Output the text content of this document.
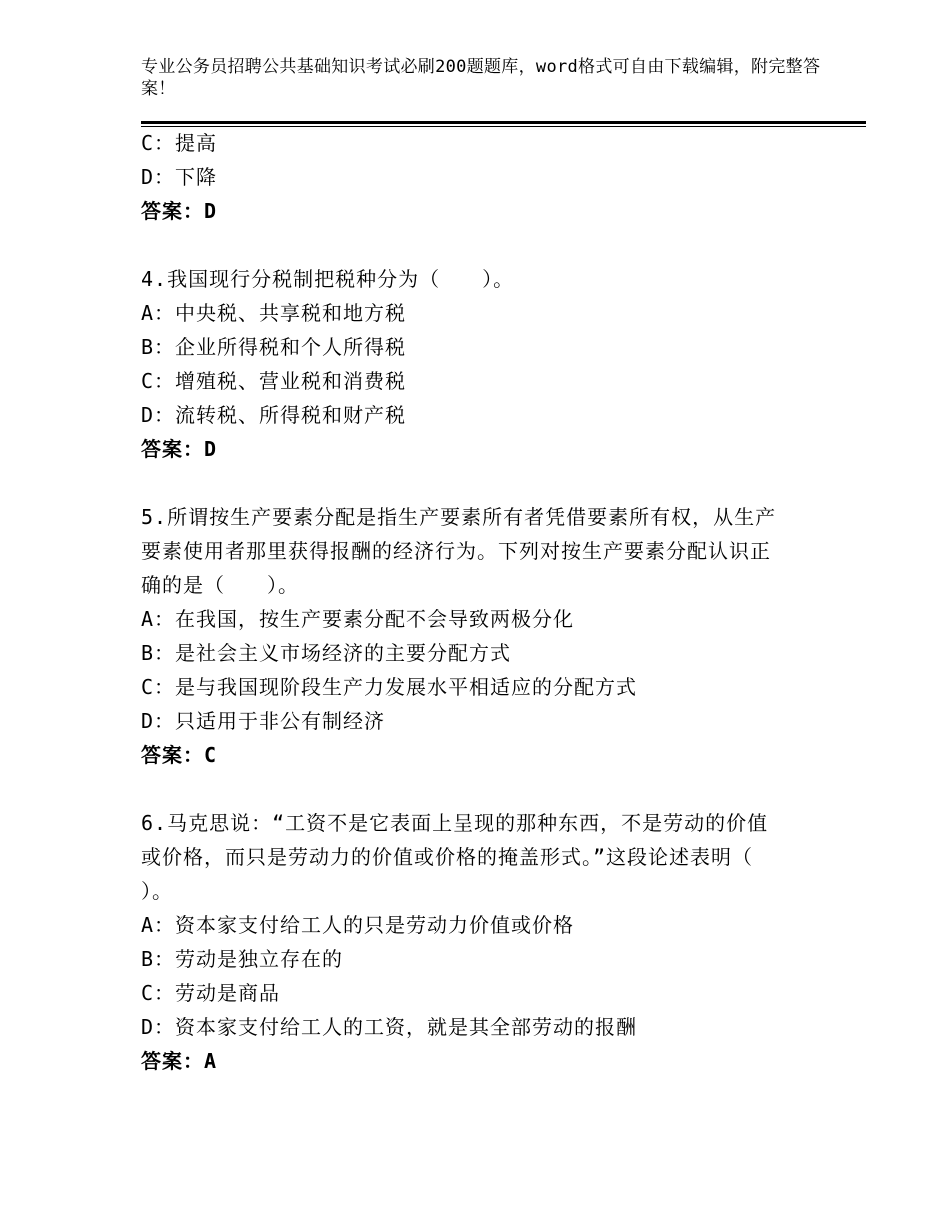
专业公务员招聘公共基础知识考试必刷200题题库，word格式可自由下载编辑，附完整答案！
C：提高
D：下降
答案：D
4.我国现行分税制把税种分为（　　）。
A：中央税、共享税和地方税
B：企业所得税和个人所得税
C：增殖税、营业税和消费税
D：流转税、所得税和财产税
答案：D
5.所谓按生产要素分配是指生产要素所有者凭借要素所有权，从生产
要素使用者那里获得报酬的经济行为。下列对按生产要素分配认识正
确的是（　　）。
A：在我国，按生产要素分配不会导致两极分化
B：是社会主义市场经济的主要分配方式
C：是与我国现阶段生产力发展水平相适应的分配方式
D：只适用于非公有制经济
答案：C
6.马克思说：“工资不是它表面上呈现的那种东西，不是劳动的价值
或价格，而只是劳动力的价值或价格的掩盖形式。”这段论述表明（
）。
A：资本家支付给工人的只是劳动力价值或价格
B：劳动是独立存在的
C：劳动是商品
D：资本家支付给工人的工资，就是其全部劳动的报酬
答案：A
